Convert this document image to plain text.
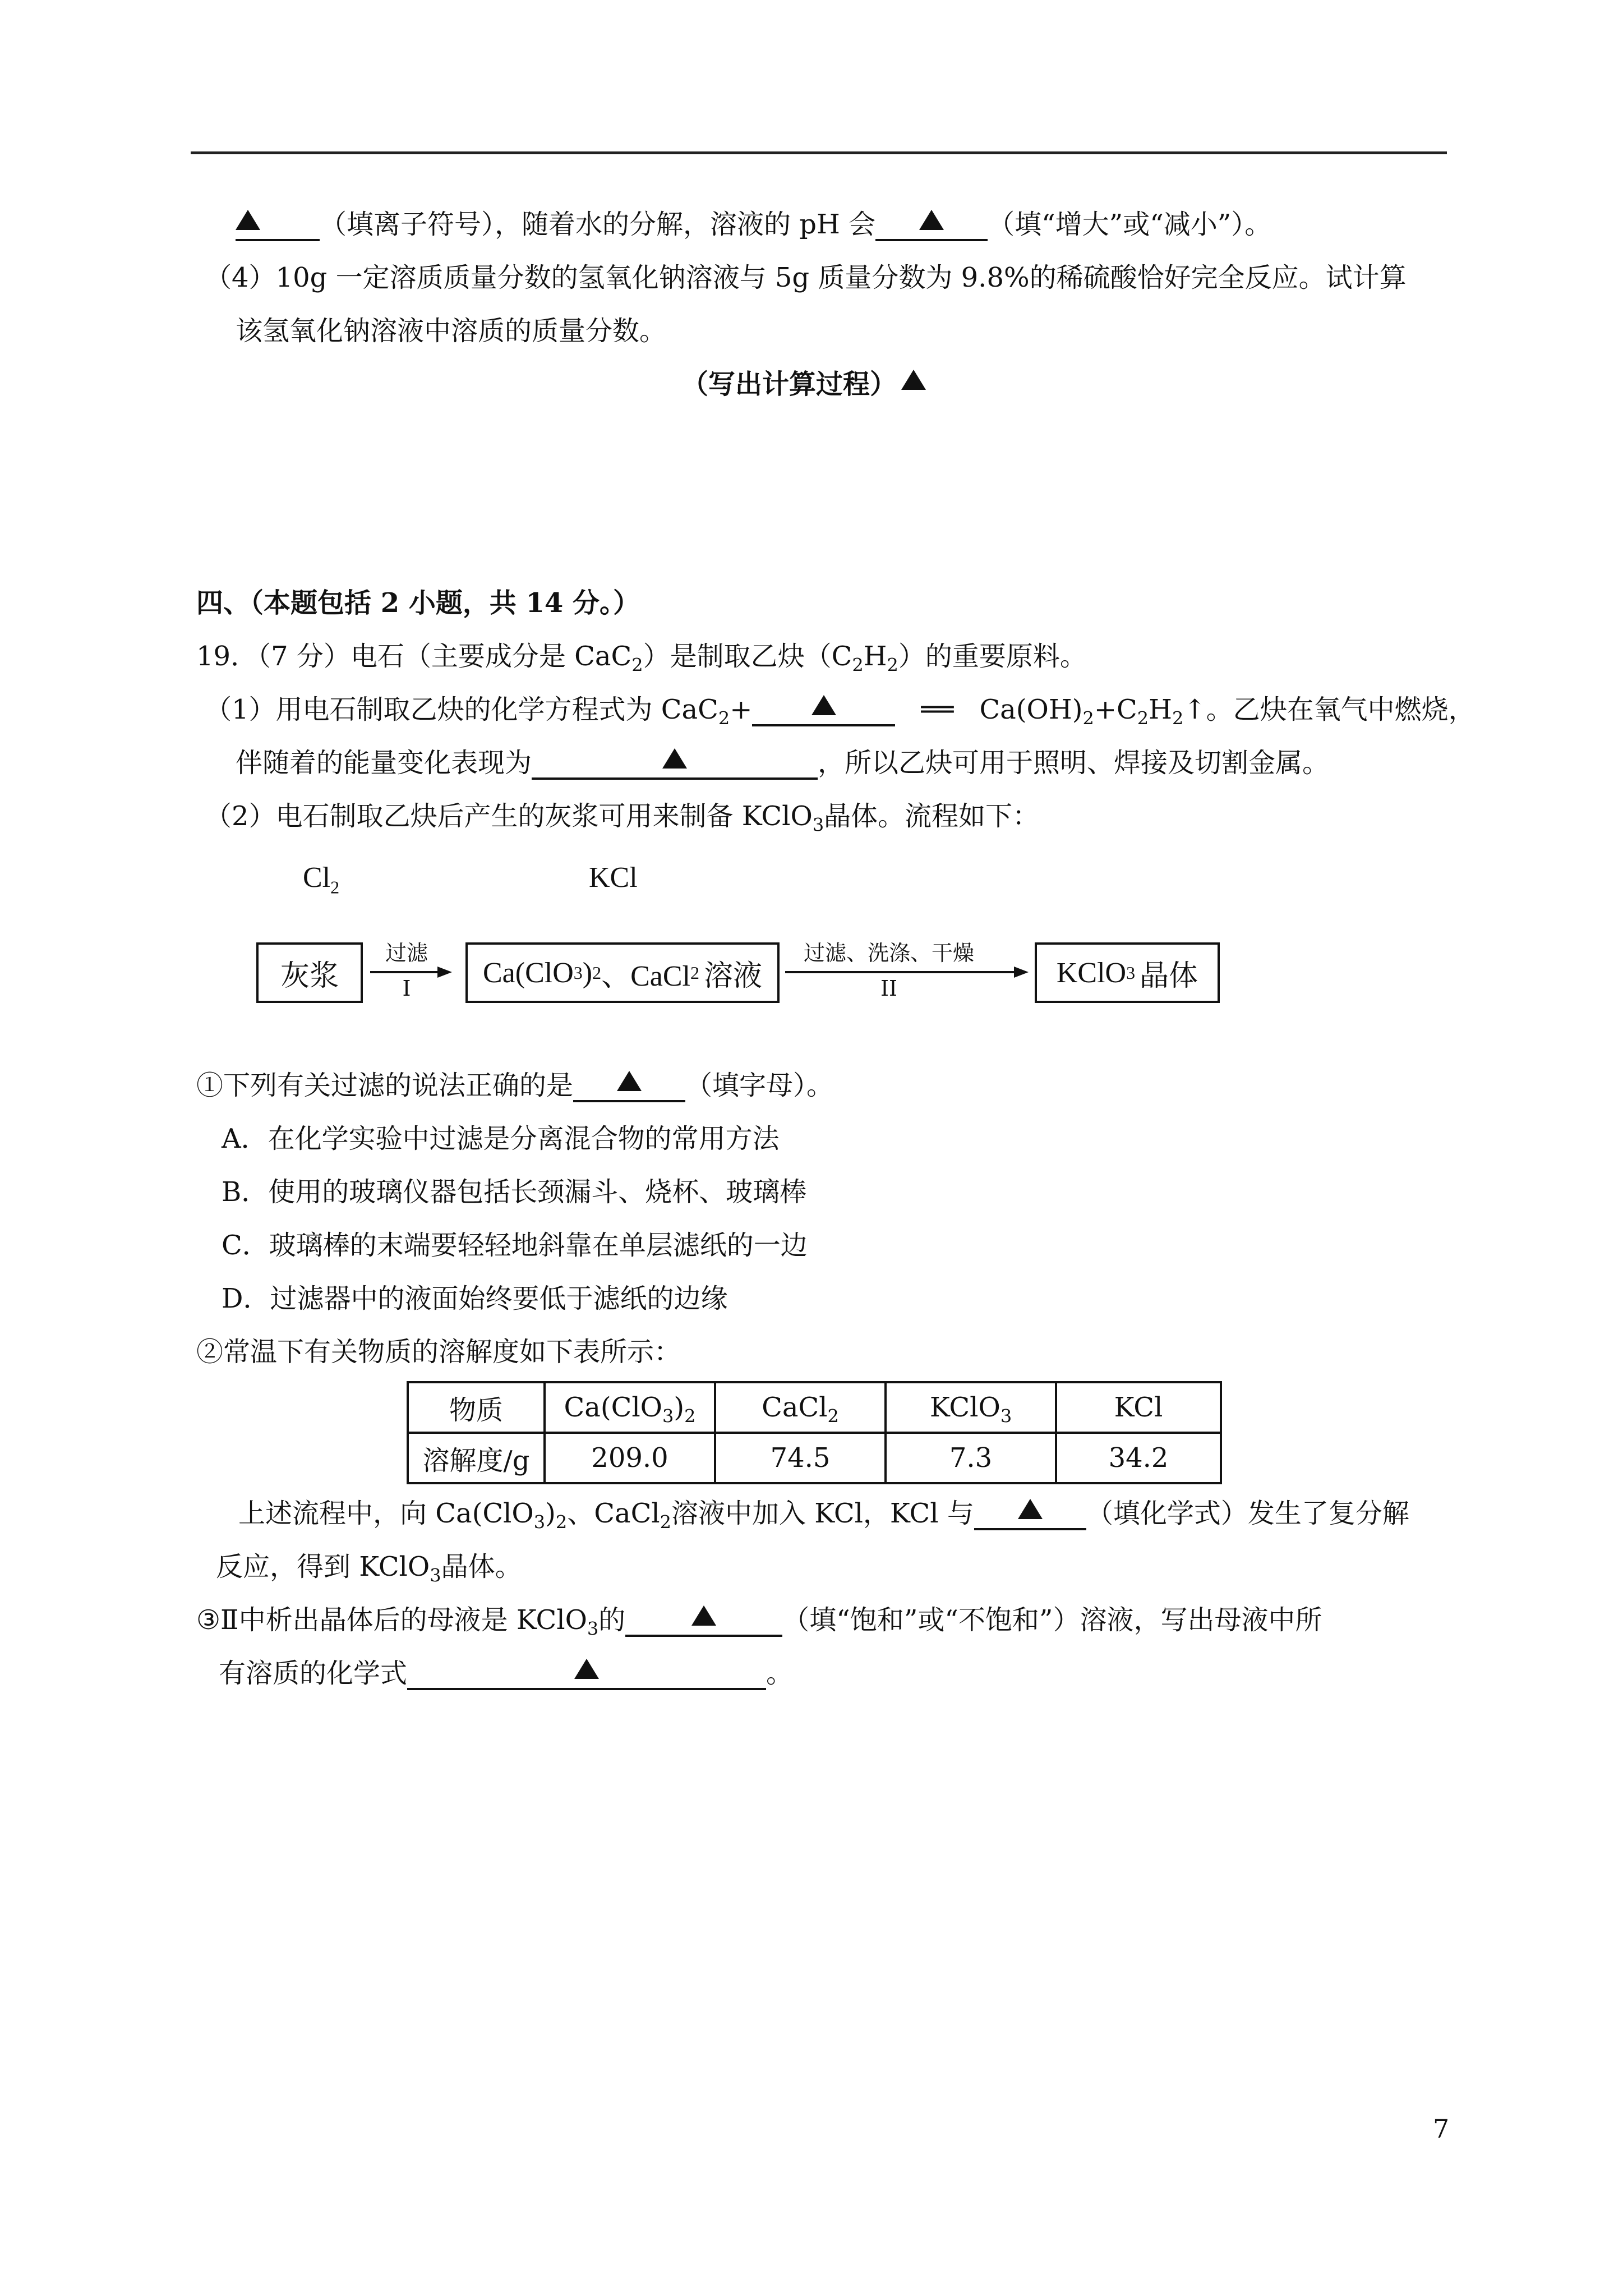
（填离子符号），随着水的分解，溶液的 pH 会	（填“增大”或“减小”）。
（4）10g 一定溶质质量分数的氢氧化钠溶液与 5g 质量分数为 9.8%的稀硫酸恰好完全反应。试计算
该氢氧化钠溶液中溶质的质量分数。
（写出计算过程）
四、（本题包括 2 小题，共 14 分。）
19．（7 分）电石（主要成分是 CaC$_2$）是制取乙炔$(C_2H_2)$的重要原料。
（1）用电石制取乙炔的化学方程式为 CaC$_2$+	══ $Ca(OH)_2+C_2H_2↑$。乙炔在氧气中燃烧，
伴随着的能量变化表现为	，所以乙炔可用于照明、焊接及切割金属。
（2）电石制取乙炔后产生的灰浆可用来制备 KClO$_3$晶体。流程如下：
$Cl_2$	KCl
灰浆
过滤
I	Ca(ClO 3 ) 2 、CaCl 2 溶液
过滤、洗涤、干燥
II	KClO 3 晶体
①下列有关过滤的说法正确的是	（填字母）。
A．在化学实验中过滤是分离混合物的常用方法
B．使用的玻璃仪器包括长颈漏斗、烧杯、玻璃棒
C．玻璃棒的末端要轻轻地斜靠在单层滤纸的一边
D．过滤器中的液面始终要低于滤纸的边缘
②常温下有关物质的溶解度如下表所示：
物质	$Ca(ClO_3)_2$	CaCl$_2$	KClO$_3$	KCl
溶解度/g	209.0	74.5	7.3	34.2
上述流程中，向 $Ca(ClO_3)_2$、CaCl$_2$溶液中加入 KCl，KCl 与	（填化学式）发生了复分解
反应，得到 KClO$_3$晶体。
③Ⅱ中析出晶体后的母液是 KClO$_3$的	（填“饱和”或“不饱和”）溶液，写出母液中所
有溶质的化学式	。
7
